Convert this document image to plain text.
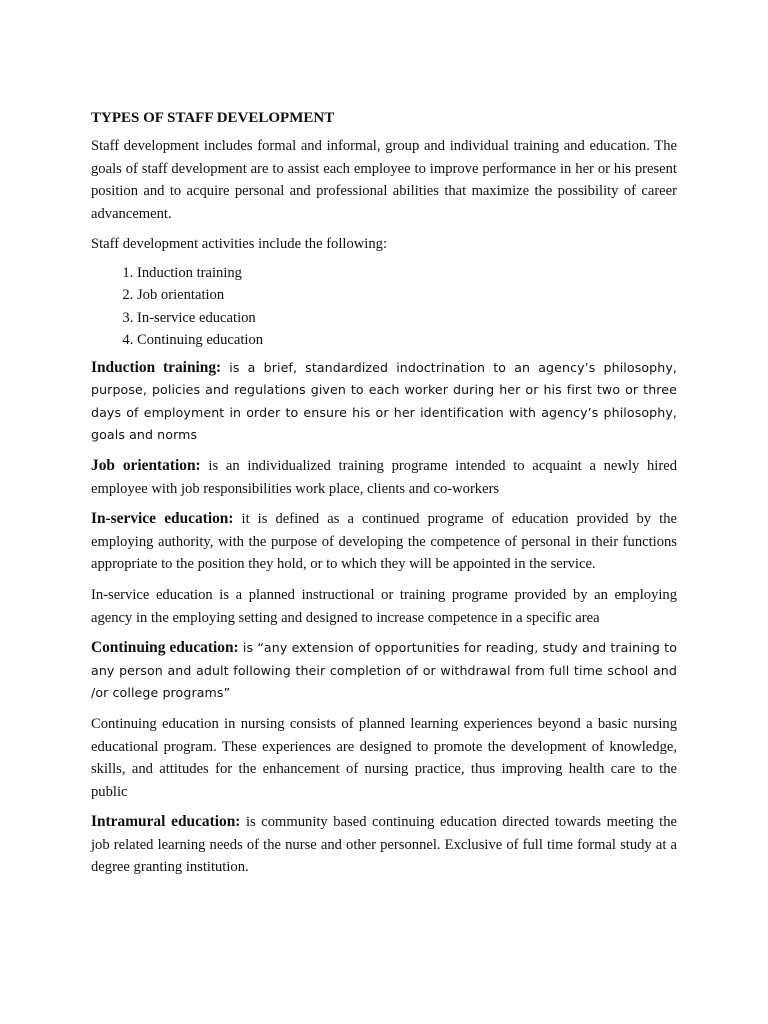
TYPES OF STAFF DEVELOPMENT

Staff development includes formal and informal, group and individual training and education. The goals of staff development are to assist each employee to improve performance in her or his present position and to acquire personal and professional abilities that maximize the possibility of career advancement.

Staff development activities include the following:

1. Induction training
2. Job orientation
3. In-service education
4. Continuing education

Induction training: is a brief, standardized indoctrination to an agency’s philosophy, purpose, policies and regulations given to each worker during her or his first two or three days of employment in order to ensure his or her identification with agency’s philosophy, goals and norms

Job orientation: is an individualized training programe intended to acquaint a newly hired employee with job responsibilities work place, clients and co-workers

In-service education: it is defined as a continued programe of education provided by the employing authority, with the purpose of developing the competence of personal in their functions appropriate to the position they hold, or to which they will be appointed in the service.

In-service education is a planned instructional or training programe provided by an employing agency in the employing setting and designed to increase competence in a specific area

Continuing education: is “any extension of opportunities for reading, study and training to any person and adult following their completion of or withdrawal from full time school and /or college programs”

Continuing education in nursing consists of planned learning experiences beyond a basic nursing educational program. These experiences are designed to promote the development of knowledge, skills, and attitudes for the enhancement of nursing practice, thus improving health care to the public

Intramural education: is community based continuing education directed towards meeting the job related learning needs of the nurse and other personnel. Exclusive of full time formal study at a degree granting institution.
